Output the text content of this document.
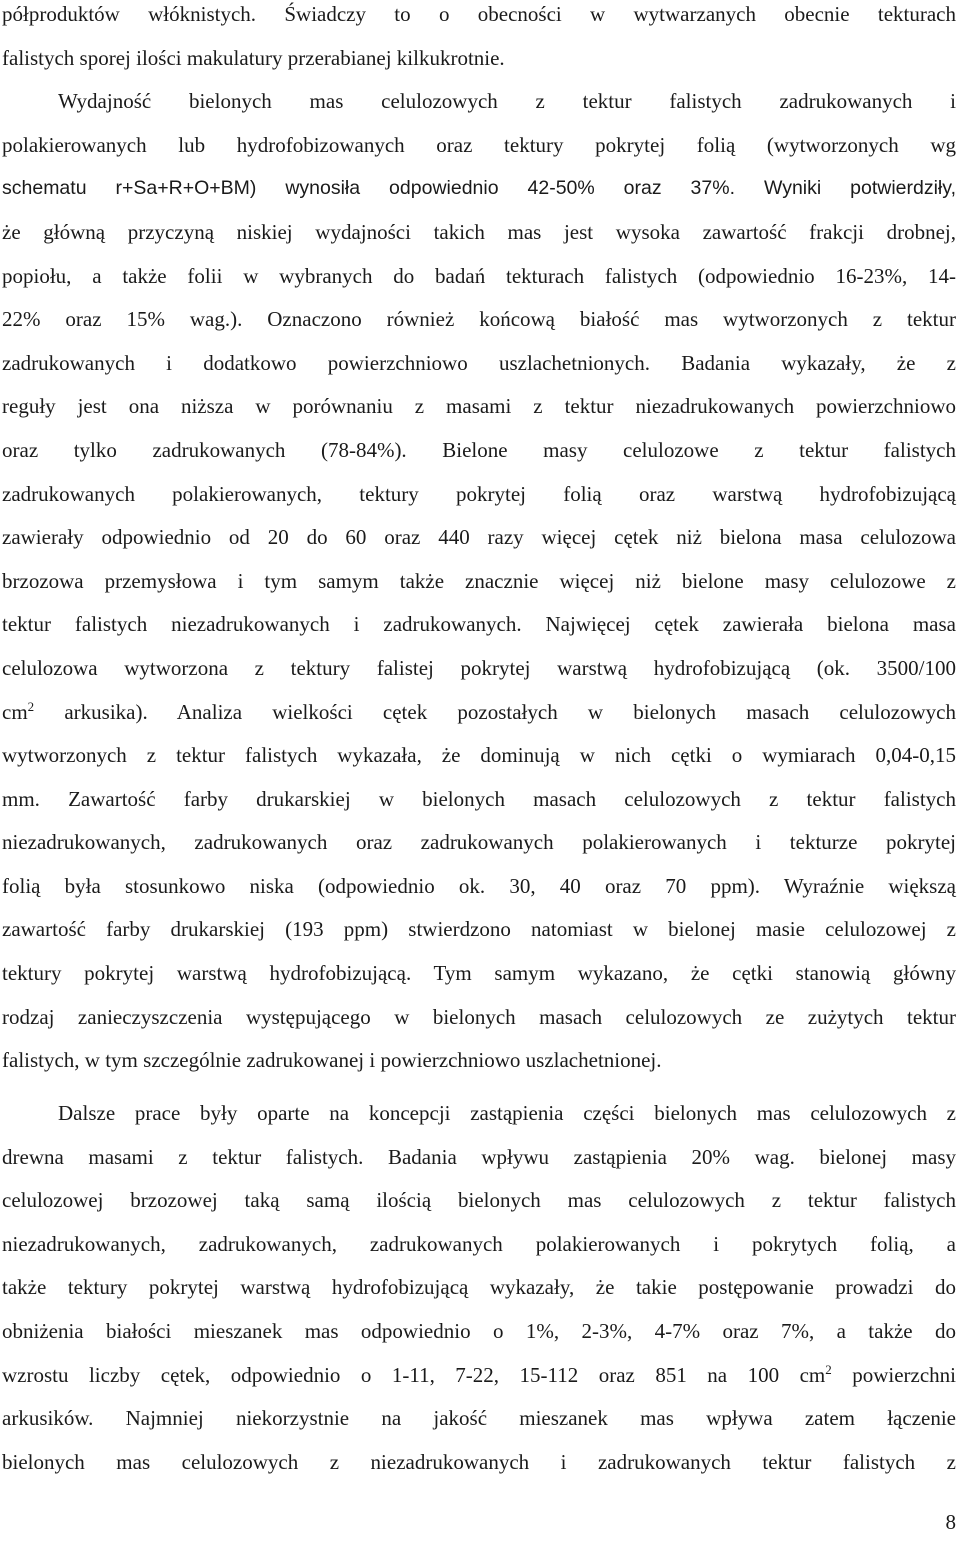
półproduktów włóknistych. Świadczy to o obecności w wytwarzanych obecnie tekturach
falistych sporej ilości makulatury przerabianej kilkukrotnie.
Wydajność bielonych mas celulozowych z tektur falistych zadrukowanych i
polakierowanych lub hydrofobizowanych oraz tektury pokrytej folią (wytworzonych wg
schematu r+Sa+R+O+BM) wynosiła odpowiednio 42-50% oraz 37%. Wyniki potwierdziły,
że główną przyczyną niskiej wydajności takich mas jest wysoka zawartość frakcji drobnej,
popiołu, a także folii w wybranych do badań tekturach falistych (odpowiednio 16-23%, 14-
22% oraz 15% wag.). Oznaczono również końcową białość mas wytworzonych z tektur
zadrukowanych i dodatkowo powierzchniowo uszlachetnionych. Badania wykazały, że z
reguły jest ona niższa w porównaniu z masami z tektur niezadrukowanych powierzchniowo
oraz tylko zadrukowanych (78-84%). Bielone masy celulozowe z tektur falistych
zadrukowanych polakierowanych, tektury pokrytej folią oraz warstwą hydrofobizującą
zawierały odpowiednio od 20 do 60 oraz 440 razy więcej cętek niż bielona masa celulozowa
brzozowa przemysłowa i tym samym także znacznie więcej niż bielone masy celulozowe z
tektur falistych niezadrukowanych i zadrukowanych. Najwięcej cętek zawierała bielona masa
celulozowa wytworzona z tektury falistej pokrytej warstwą hydrofobizującą (ok. 3500/100
$cm^2$ arkusika). Analiza wielkości cętek pozostałych w bielonych masach celulozowych
wytworzonych z tektur falistych wykazała, że dominują w nich cętki o wymiarach 0,04-0,15
mm. Zawartość farby drukarskiej w bielonych masach celulozowych z tektur falistych
niezadrukowanych, zadrukowanych oraz zadrukowanych polakierowanych i tekturze pokrytej
folią była stosunkowo niska (odpowiednio ok. 30, 40 oraz 70 ppm). Wyraźnie większą
zawartość farby drukarskiej (193 ppm) stwierdzono natomiast w bielonej masie celulozowej z
tektury pokrytej warstwą hydrofobizującą. Tym samym wykazano, że cętki stanowią główny
rodzaj zanieczyszczenia występującego w bielonych masach celulozowych ze zużytych tektur
falistych, w tym szczególnie zadrukowanej i powierzchniowo uszlachetnionej.
Dalsze prace były oparte na koncepcji zastąpienia części bielonych mas celulozowych z
drewna masami z tektur falistych. Badania wpływu zastąpienia 20% wag. bielonej masy
celulozowej brzozowej taką samą ilością bielonych mas celulozowych z tektur falistych
niezadrukowanych, zadrukowanych, zadrukowanych polakierowanych i pokrytych folią, a
także tektury pokrytej warstwą hydrofobizującą wykazały, że takie postępowanie prowadzi do
obniżenia białości mieszanek mas odpowiednio o 1%, 2-3%, 4-7% oraz 7%, a także do
wzrostu liczby cętek, odpowiednio o 1-11, 7-22, 15-112 oraz 851 na 100 $cm^2$ powierzchni
arkusików. Najmniej niekorzystnie na jakość mieszanek mas wpływa zatem łączenie
bielonych mas celulozowych z niezadrukowanych i zadrukowanych tektur falistych z
8
